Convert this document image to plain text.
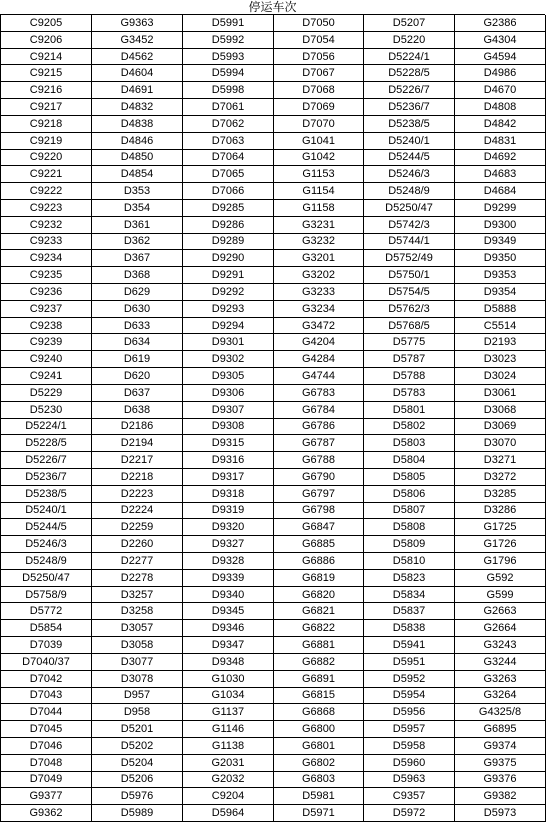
停运车次
C9205	G9363	D5991	D7050	D5207	G2386
C9206	G3452	D5992	D7054	D5220	G4304
C9214	D4562	D5993	D7056	D5224/1	G4594
C9215	D4604	D5994	D7067	D5228/5	D4986
C9216	D4691	D5998	D7068	D5226/7	D4670
C9217	D4832	D7061	D7069	D5236/7	D4808
C9218	D4838	D7062	D7070	D5238/5	D4842
C9219	D4846	D7063	G1041	D5240/1	D4831
C9220	D4850	D7064	G1042	D5244/5	D4692
C9221	D4854	D7065	G1153	D5246/3	D4683
C9222	D353	D7066	G1154	D5248/9	D4684
C9223	D354	D9285	G1158	D5250/47	D9299
C9232	D361	D9286	G3231	D5742/3	D9300
C9233	D362	D9289	G3232	D5744/1	D9349
C9234	D367	D9290	G3201	D5752/49	D9350
C9235	D368	D9291	G3202	D5750/1	D9353
C9236	D629	D9292	G3233	D5754/5	D9354
C9237	D630	D9293	G3234	D5762/3	D5888
C9238	D633	D9294	G3472	D5768/5	C5514
C9239	D634	D9301	G4204	D5775	D2193
C9240	D619	D9302	G4284	D5787	D3023
C9241	D620	D9305	G4744	D5788	D3024
D5229	D637	D9306	G6783	D5783	D3061
D5230	D638	D9307	G6784	D5801	D3068
D5224/1	D2186	D9308	G6786	D5802	D3069
D5228/5	D2194	D9315	G6787	D5803	D3070
D5226/7	D2217	D9316	G6788	D5804	D3271
D5236/7	D2218	D9317	G6790	D5805	D3272
D5238/5	D2223	D9318	G6797	D5806	D3285
D5240/1	D2224	D9319	G6798	D5807	D3286
D5244/5	D2259	D9320	G6847	D5808	G1725
D5246/3	D2260	D9327	G6885	D5809	G1726
D5248/9	D2277	D9328	G6886	D5810	G1796
D5250/47	D2278	D9339	G6819	D5823	G592
D5758/9	D3257	D9340	G6820	D5834	G599
D5772	D3258	D9345	G6821	D5837	G2663
D5854	D3057	D9346	G6822	D5838	G2664
D7039	D3058	D9347	G6881	D5941	G3243
D7040/37	D3077	D9348	G6882	D5951	G3244
D7042	D3078	G1030	G6891	D5952	G3263
D7043	D957	G1034	G6815	D5954	G3264
D7044	D958	G1137	G6868	D5956	G4325/8
D7045	D5201	G1146	G6800	D5957	G6895
D7046	D5202	G1138	G6801	D5958	G9374
D7048	D5204	G2031	G6802	D5960	G9375
D7049	D5206	G2032	G6803	D5963	G9376
G9377	D5976	C9204	D5981	C9357	G9382
G9362	D5989	D5964	D5971	D5972	D5973
